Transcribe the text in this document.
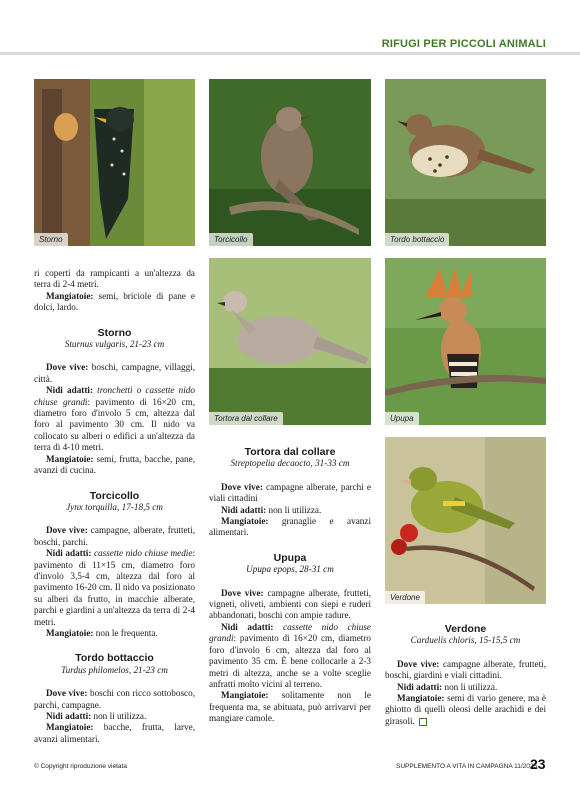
RIFUGI PER PICCOLI ANIMALI
Storno	Torcicollo	Tordo bottaccio
Tortora dal collare	Upupa
Verdone

ri coperti da rampicanti a un'altezza da terra di 2-4 metri.

Mangiatoie: semi, briciole di pane e dolci, lardo.

Storno

Sturnus vulgaris, 21-23 cm

Dove vive: boschi, campagne, villaggi, città.

Nidi adatti: tronchetti o cassette nido chiuse grandi: pavimento di 16×20 cm, diametro foro d'involo 5 cm, altezza dal foro al pavimento 30 cm. Il nido va collocato su alberi o edifici a un'altezza da terra di 4-10 metri.

Mangiatoie: semi, frutta, bacche, pane, avanzi di cucina.

Torcicollo

Jynx torquilla, 17-18,5 cm

Dove vive: campagne, alberate, frutteti, boschi, parchi.

Nidi adatti: cassette nido chiuse medie: pavimento di 11×15 cm, diametro foro d'involo 3,5-4 cm, altezza dal foro al pavimento 16-20 cm. Il nido va posizionato su alberi da frutto, in macchie alberate, parchi e giardini a un'altezza da terra di 2-4 metri.

Mangiatoie: non le frequenta.

Tordo bottaccio

Turdus philomelos, 21-23 cm

Dove vive: boschi con ricco sottobosco, parchi, campagne.

Nidi adatti: non li utilizza.

Mangiatoie: bacche, frutta, larve, avanzi alimentari.

Tortora dal collare

Streptopelia decaocto, 31-33 cm

Dove vive: campagne alberate, parchi e viali cittadini

Nidi adatti: non li utilizza.

Mangiatoie: granaglie e avanzi alimentari.

Upupa

Upupa epops, 28-31 cm

Dove vive: campagne alberate, frutteti, vigneti, oliveti, ambienti con siepi e ruderi abbandonati, boschi con ampie radure.

Nidi adatti: cassette nido chiuse grandi: pavimento di 16×20 cm, diametro foro d'involo 6 cm, altezza dal foro al pavimento 35 cm. È bene collocarle a 2-3 metri di altezza, anche se a volte sceglie anfratti molto vicini al terreno.

Mangiatoie: solitamente non le frequenta ma, se abituata, può arrivarvi per mangiare camole.

Verdone

Carduelis chloris, 15-15,5 cm

Dove vive: campagne alberate, frutteti, boschi, giardini e viali cittadini.

Nidi adatti: non li utilizza.

Mangiatoie: semi di vario genere, ma è ghiotto di quelli oleosi delle arachidi e dei girasoli.

© Copyright riproduzione vietata	SUPPLEMENTO A VITA IN CAMPAGNA 11/2025
23
